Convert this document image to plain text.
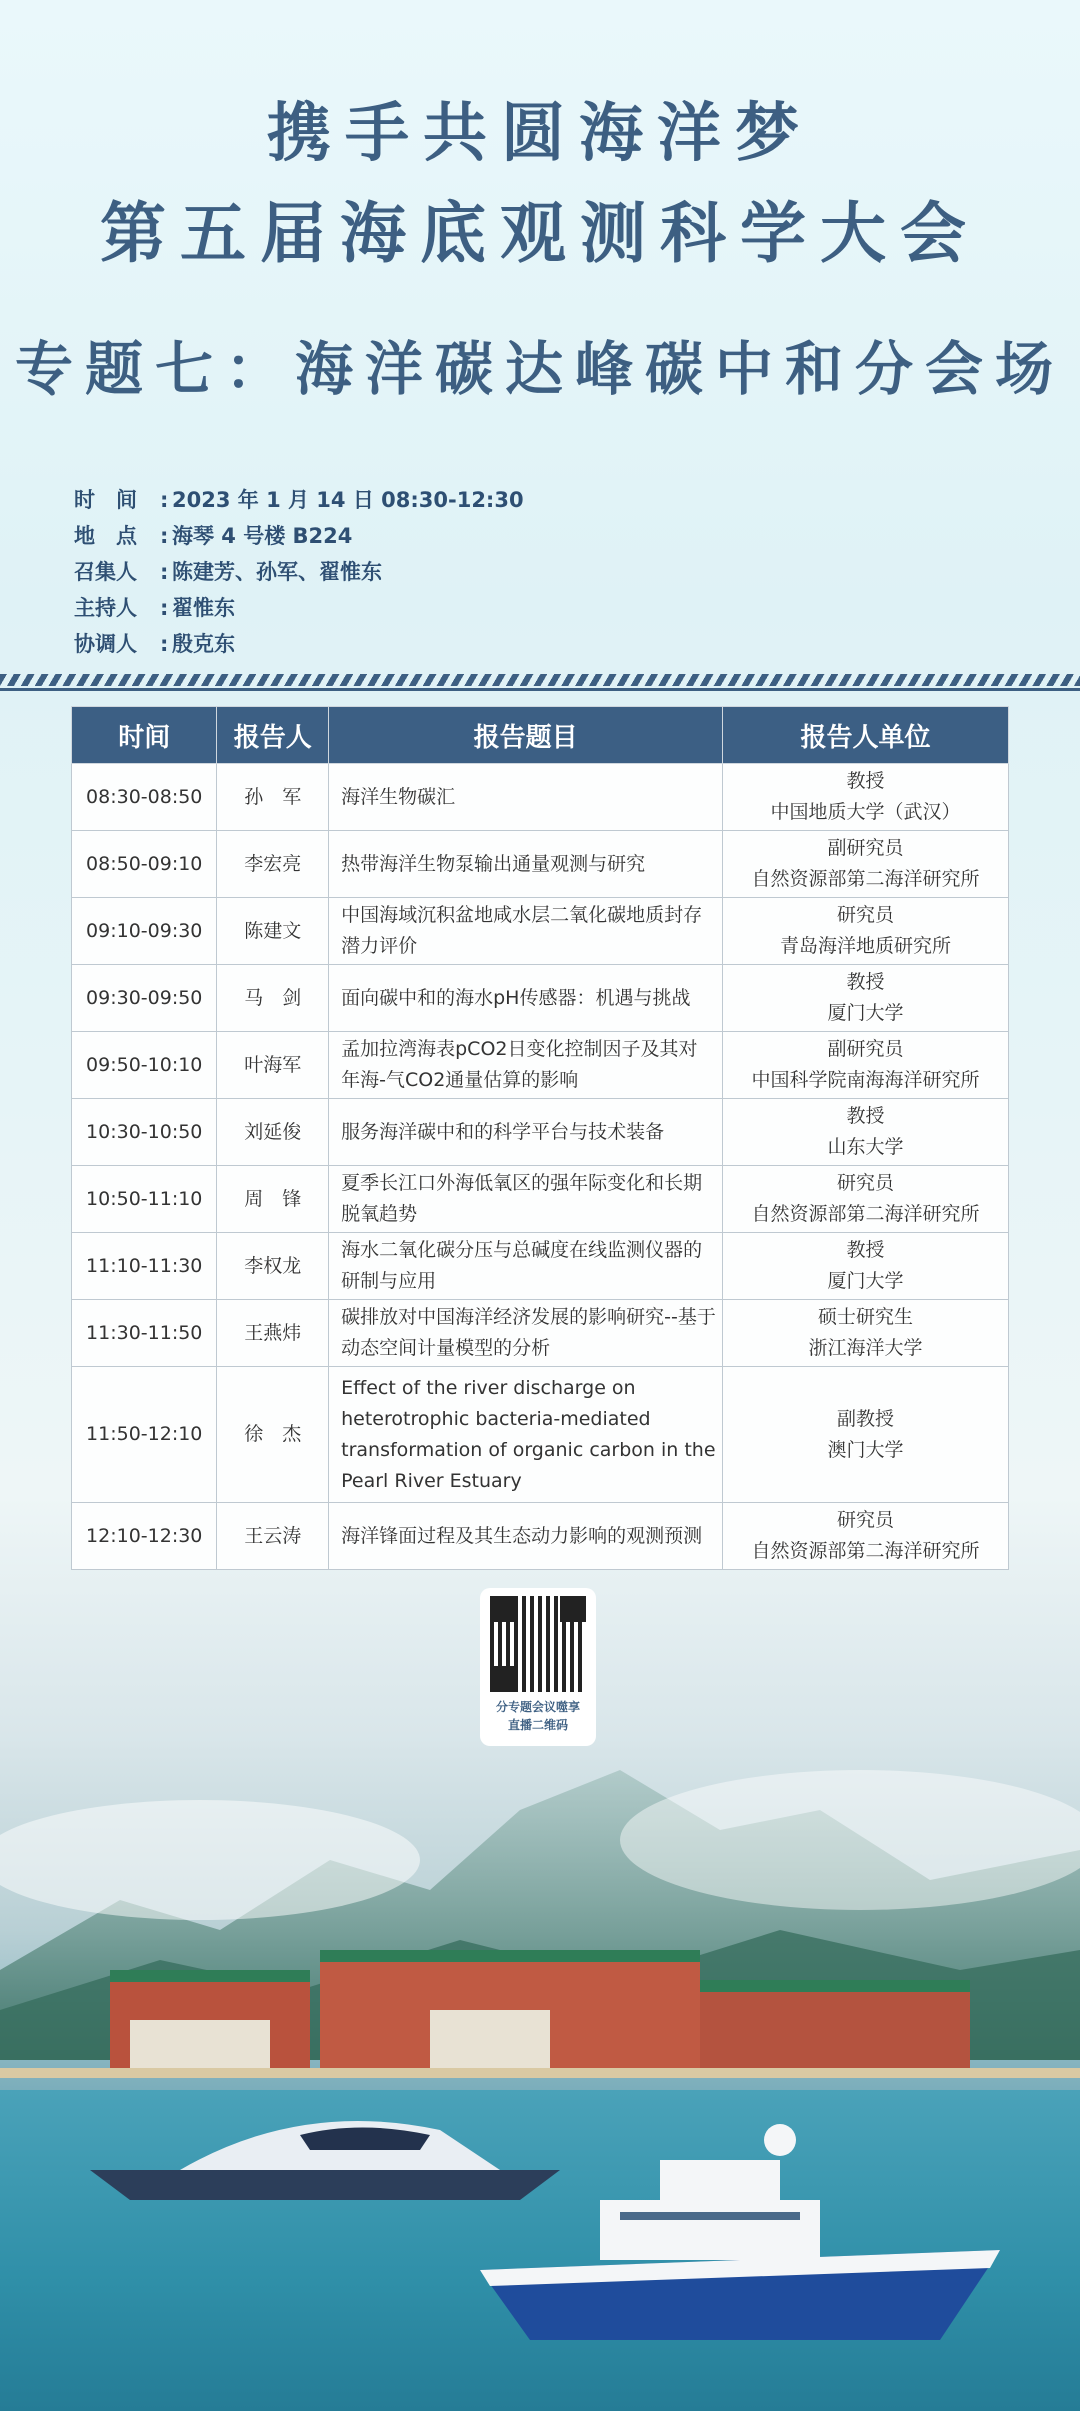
携手共圆海洋梦
第五届海底观测科学大会
专题七：海洋碳达峰碳中和分会场
时　间 : 2023 年 1 月 14 日 08:30-12:30
地　点 : 海琴 4 号楼 B224
召集人 : 陈建芳、孙军、翟惟东
主持人 : 翟惟东
协调人 : 殷克东
时间	报告人	报告题目	报告人单位
08:30-08:50	孙　军	海洋生物碳汇	教授
中国地质大学（武汉）

08:50-09:10	李宏亮	热带海洋生物泵输出通量观测与研究	副研究员
自然资源部第二海洋研究所

09:10-09:30	陈建文	中国海域沉积盆地咸水层二氧化碳地质封存潜力评价	研究员
青岛海洋地质研究所

09:30-09:50	马　剑	面向碳中和的海水pH传感器：机遇与挑战	教授
厦门大学

09:50-10:10	叶海军	孟加拉湾海表pCO2日变化控制因子及其对年海-气CO2通量估算的影响	副研究员
中国科学院南海海洋研究所

10:30-10:50	刘延俊	服务海洋碳中和的科学平台与技术装备	教授
山东大学

10:50-11:10	周　锋	夏季长江口外海低氧区的强年际变化和长期脱氧趋势	研究员
自然资源部第二海洋研究所

11:10-11:30	李权龙	海水二氧化碳分压与总碱度在线监测仪器的研制与应用	教授
厦门大学

11:30-11:50	王燕炜	碳排放对中国海洋经济发展的影响研究--基于动态空间计量模型的分析	硕士研究生
浙江海洋大学

11:50-12:10	徐　杰	Effect of the river discharge on heterotrophic bacteria-mediated transformation of organic carbon in the Pearl River Estuary	副教授
澳门大学

12:10-12:30	王云涛	海洋锋面过程及其生态动力影响的观测预测	研究员
自然资源部第二海洋研究所
分专题会议噬享
直播二维码
